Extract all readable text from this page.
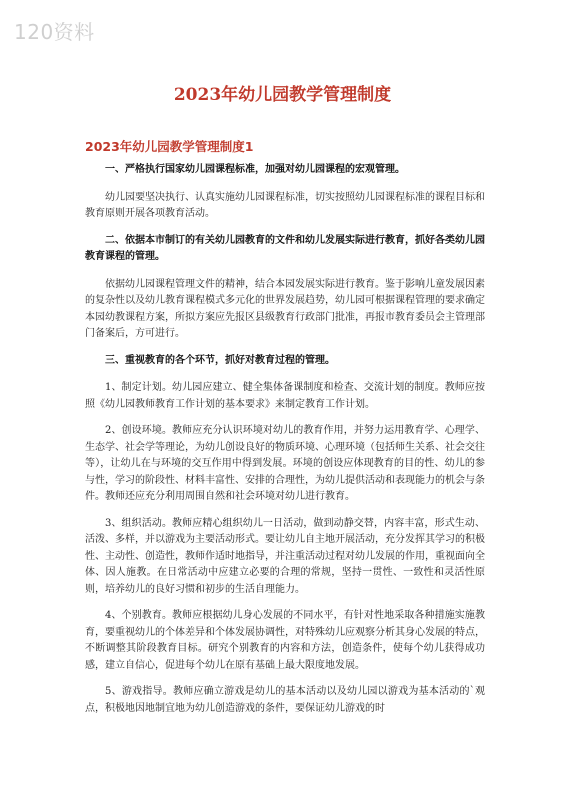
120资料
2023年幼儿园教学管理制度
2023年幼儿园教学管理制度1

一、严格执行国家幼儿园课程标准，加强对幼儿园课程的宏观管理。

幼儿园要坚决执行、认真实施幼儿园课程标准，切实按照幼儿园课程标准的课程目标和教育原则开展各项教育活动。

二、依据本市制订的有关幼儿园教育的文件和幼儿发展实际进行教育，抓好各类幼儿园教育课程的管理。

依据幼儿园课程管理文件的精神，结合本园发展实际进行教育。鉴于影响儿童发展因素的复杂性以及幼儿教育课程模式多元化的世界发展趋势，幼儿园可根据课程管理的要求确定本园幼教课程方案，所拟方案应先报区县级教育行政部门批准，再报市教育委员会主管理部门备案后，方可进行。

三、重视教育的各个环节，抓好对教育过程的管理。

1、制定计划。幼儿园应建立、健全集体备课制度和检查、交流计划的制度。教师应按照《幼儿园教师教育工作计划的基本要求》来制定教育工作计划。

2、创设环境。教师应充分认识环境对幼儿的教育作用，并努力运用教育学、心理学、生态学、社会学等理论，为幼儿创设良好的物质环境、心理环境（包括师生关系、社会交往等），让幼儿在与环境的交互作用中得到发展。环境的创设应体现教育的目的性、幼儿的参与性，学习的阶段性、材料丰富性、安排的合理性，为幼儿提供活动和表现能力的机会与条件。教师还应充分利用周围自然和社会环境对幼儿进行教育。

3、组织活动。教师应精心组织幼儿一日活动，做到动静交替，内容丰富，形式生动、活泼、多样，并以游戏为主要活动形式。要让幼儿自主地开展活动，充分发挥其学习的积极性、主动性、创造性，教师作适时地指导，并注重活动过程对幼儿发展的作用，重视面向全体、因人施教。在日常活动中应建立必要的合理的常规，坚持一贯性、一致性和灵活性原则，培养幼儿的良好习惯和初步的生活自理能力。

4、个别教育。教师应根据幼儿身心发展的不同水平，有针对性地采取各种措施实施教育，要重视幼儿的个体差异和个体发展协调性，对特殊幼儿应观察分析其身心发展的特点，不断调整其阶段教育目标。研究个别教育的内容和方法，创造条件，使每个幼儿获得成功感，建立自信心，促进每个幼儿在原有基础上最大限度地发展。

5、游戏指导。教师应确立游戏是幼儿的基本活动以及幼儿园以游戏为基本活动的`观点，积极地因地制宜地为幼儿创造游戏的条件，要保证幼儿游戏的时
